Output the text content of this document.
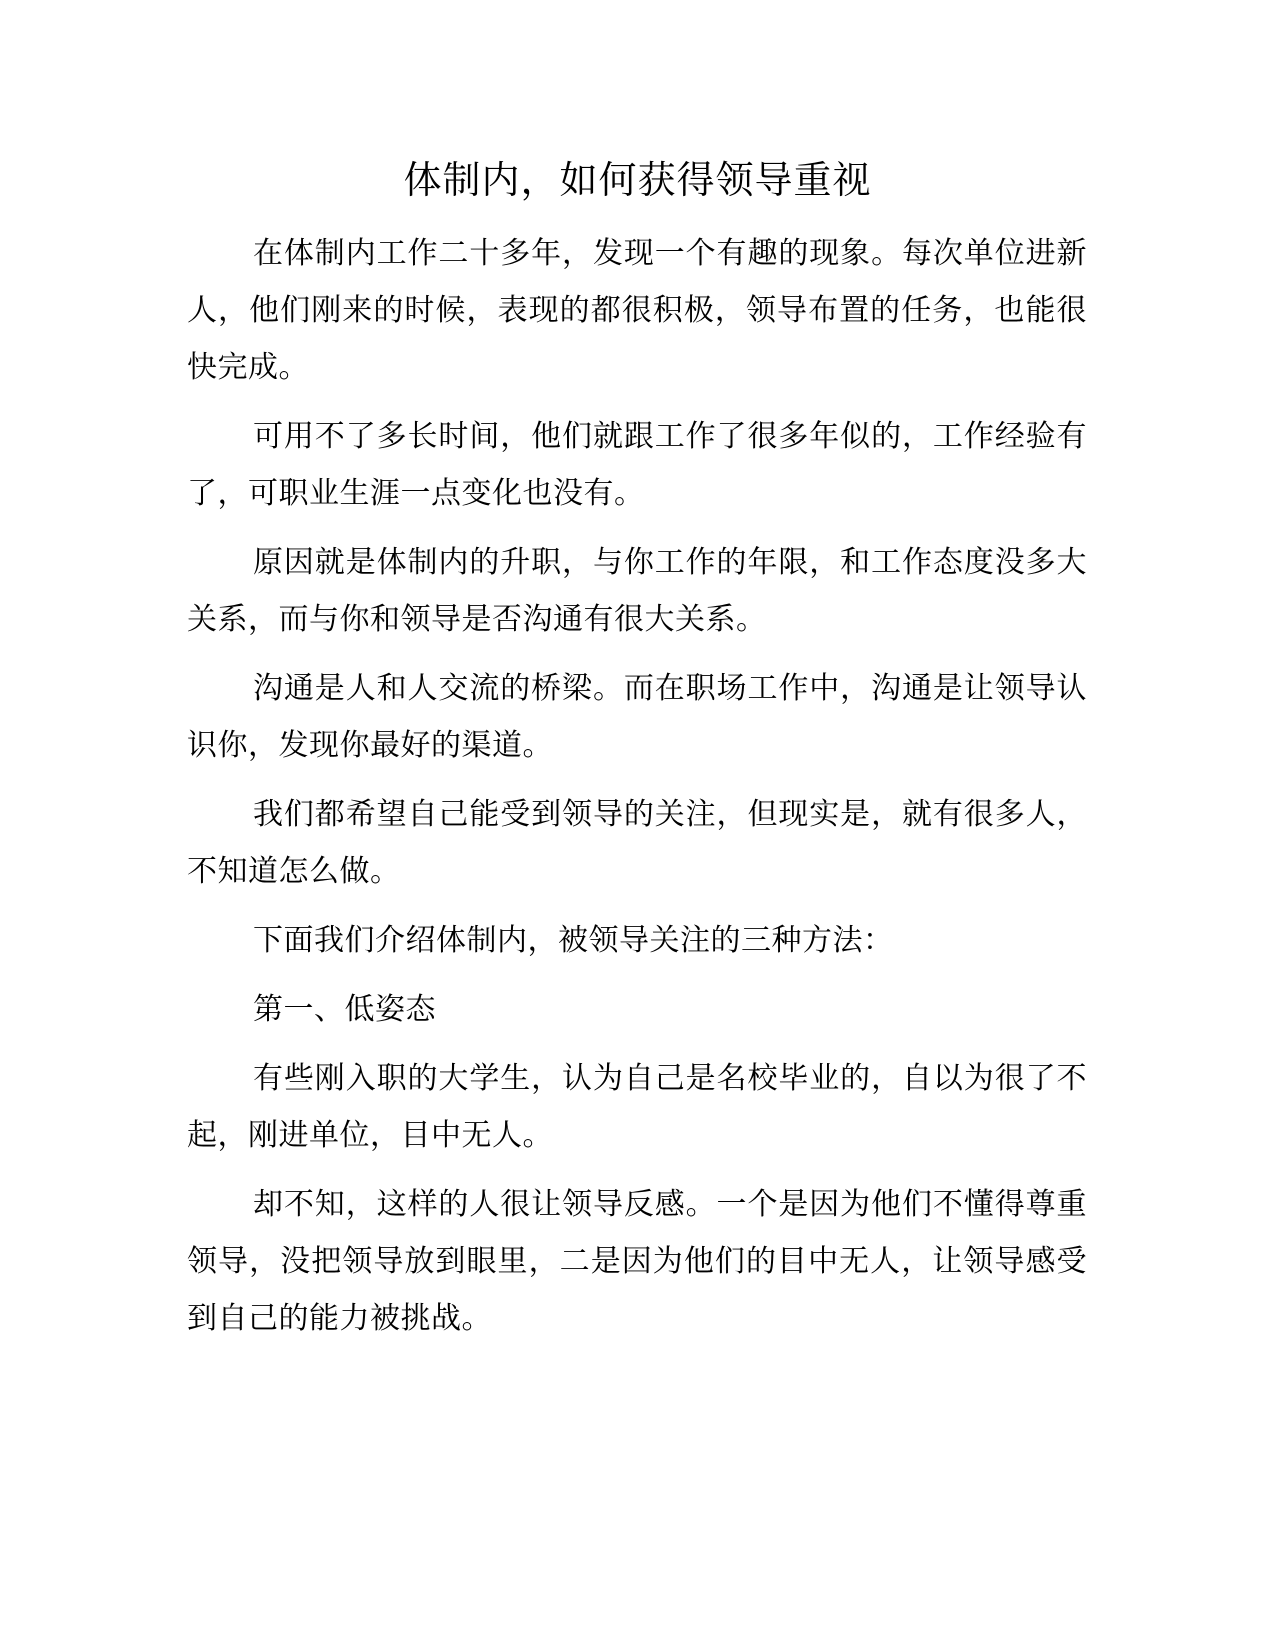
体制内，如何获得领导重视

在体制内工作二十多年，发现一个有趣的现象。每次单位进新人，他们刚来的时候，表现的都很积极，领导布置的任务，也能很快完成。

可用不了多长时间，他们就跟工作了很多年似的，工作经验有了，可职业生涯一点变化也没有。

原因就是体制内的升职，与你工作的年限，和工作态度没多大关系，而与你和领导是否沟通有很大关系。

沟通是人和人交流的桥梁。而在职场工作中，沟通是让领导认识你，发现你最好的渠道。

我们都希望自己能受到领导的关注，但现实是，就有很多人，不知道怎么做。

下面我们介绍体制内，被领导关注的三种方法：

第一、低姿态

有些刚入职的大学生，认为自己是名校毕业的，自以为很了不起，刚进单位，目中无人。

却不知，这样的人很让领导反感。一个是因为他们不懂得尊重领导，没把领导放到眼里，二是因为他们的目中无人，让领导感受到自己的能力被挑战。
